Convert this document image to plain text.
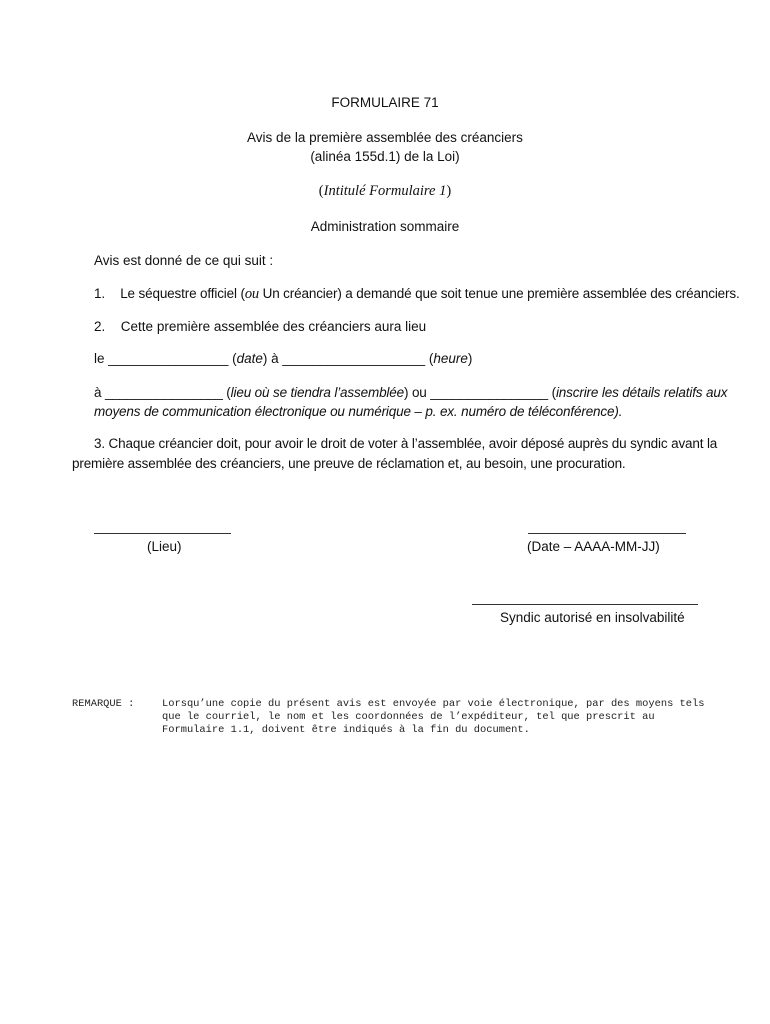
FORMULAIRE 71
Avis de la première assemblée des créanciers
(alinéa 155d.1) de la Loi)
(Intitulé Formulaire 1)
Administration sommaire
Avis est donné de ce qui suit :
1. Le séquestre officiel (ou Un créancier) a demandé que soit tenue une première assemblée des créanciers.
2. Cette première assemblée des créanciers aura lieu
le ________________ (date) à ___________________ (heure)
à ________________ (lieu où se tiendra l’assemblée) ou ________________ (inscrire les détails relatifs aux
moyens de communication électronique ou numérique – p. ex. numéro de téléconférence).
3. Chaque créancier doit, pour avoir le droit de voter à l’assemblée, avoir déposé auprès du syndic avant la
première assemblée des créanciers, une preuve de réclamation et, au besoin, une procuration.
(Lieu)	(Date – AAAA-MM-JJ)
Syndic autorisé en insolvabilité
REMARQUE :	Lorsqu’une copie du présent avis est envoyée par voie électronique, par des moyens tels
que le courriel, le nom et les coordonnées de l’expéditeur, tel que prescrit au
Formulaire 1.1, doivent être indiqués à la fin du document.
